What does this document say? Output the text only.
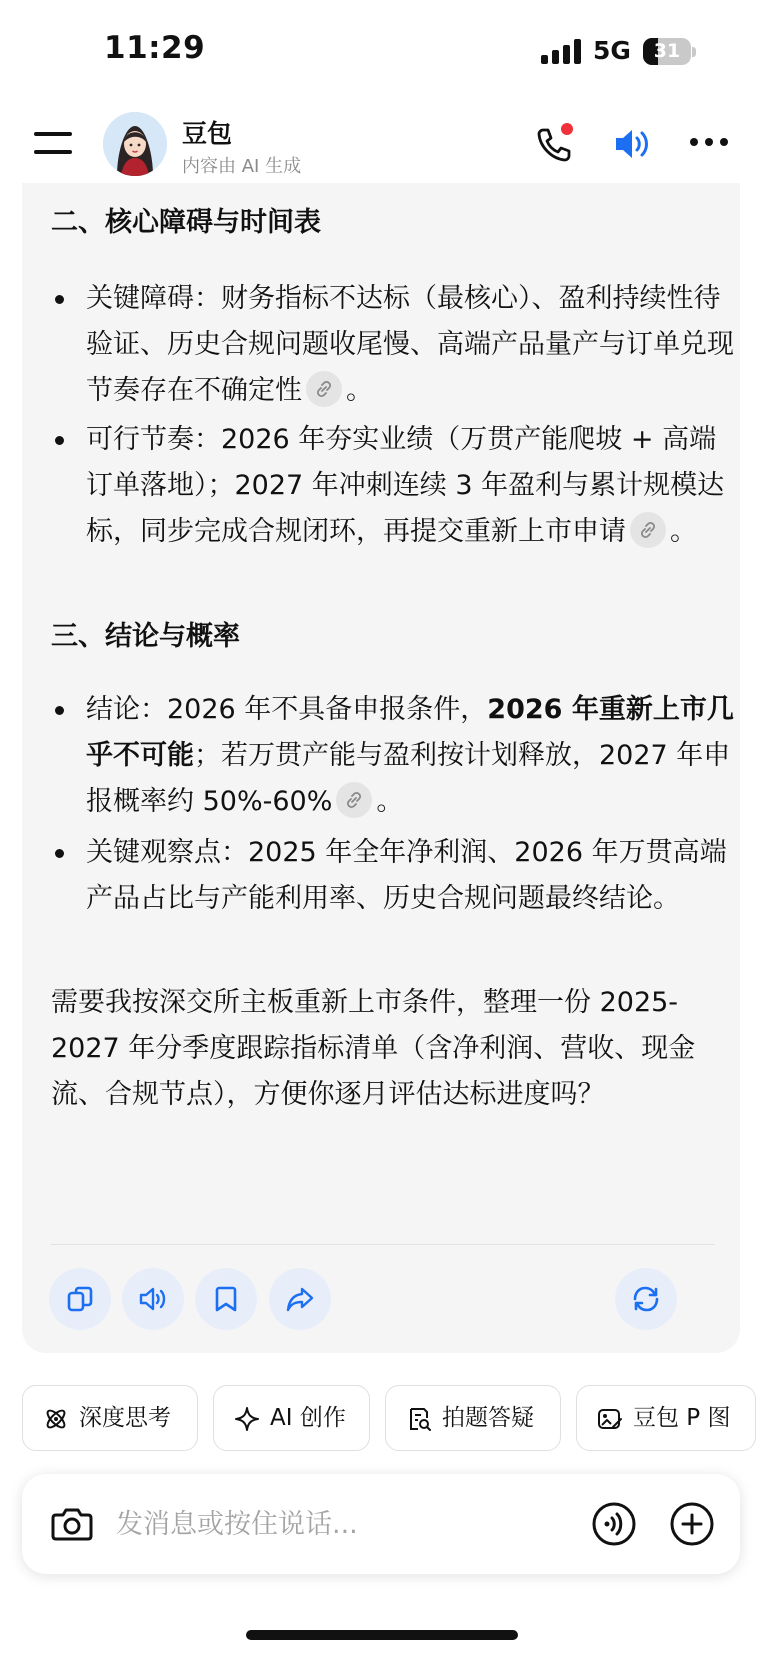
11:29	5G	31
豆包
内容由 AI 生成
二、核心障碍与时间表
关键障碍：财务指标不达标（最核心）、盈利持续性待验证、历史合规问题收尾慢、高端产品量产与订单兑现节奏存在不确定性 。
可行节奏：2026 年夯实业绩（万贯产能爬坡 + 高端订单落地）；2027 年冲刺连续 3 年盈利与累计规模达标，同步完成合规闭环，再提交重新上市申请 。
三、结论与概率
结论：2026 年不具备申报条件，2026 年重新上市几乎不可能；若万贯产能与盈利按计划释放，2027 年申报概率约 50%-60% 。
关键观察点：2025 年全年净利润、2026 年万贯高端产品占比与产能利用率、历史合规问题最终结论。
需要我按深交所主板重新上市条件，整理一份 2025-2027 年分季度跟踪指标清单（含净利润、营收、现金流、合规节点），方便你逐月评估达标进度吗？
深度思考	AI 创作	拍题答疑	豆包 P 图
发消息或按住说话...
